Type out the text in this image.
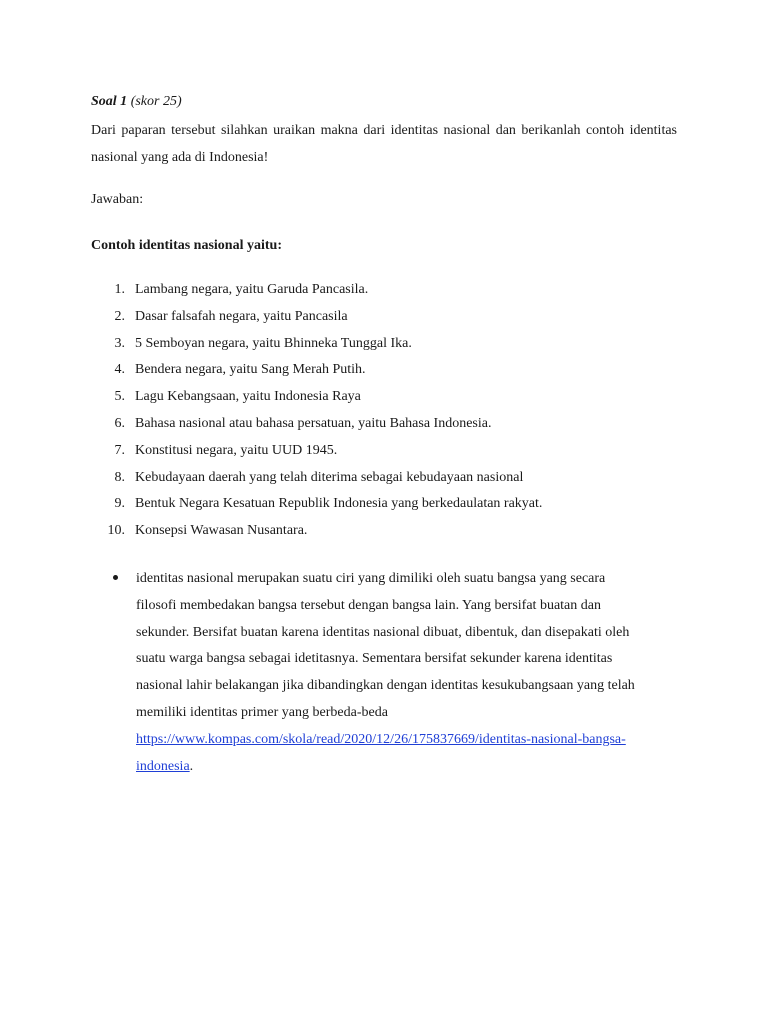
Soal 1 (skor 25)
Dari paparan tersebut silahkan uraikan makna dari identitas nasional dan berikanlah contoh identitas nasional yang ada di Indonesia!
Jawaban:
Contoh identitas nasional yaitu:
1. Lambang negara, yaitu Garuda Pancasila.
2. Dasar falsafah negara, yaitu Pancasila
3. 5 Semboyan negara, yaitu Bhinneka Tunggal Ika.
4. Bendera negara, yaitu Sang Merah Putih.
5. Lagu Kebangsaan, yaitu Indonesia Raya
6. Bahasa nasional atau bahasa persatuan, yaitu Bahasa Indonesia.
7. Konstitusi negara, yaitu UUD 1945.
8. Kebudayaan daerah yang telah diterima sebagai kebudayaan nasional
9. Bentuk Negara Kesatuan Republik Indonesia yang berkedaulatan rakyat.
10. Konsepsi Wawasan Nusantara.
identitas nasional merupakan suatu ciri yang dimiliki oleh suatu bangsa yang secara
filosofi membedakan bangsa tersebut dengan bangsa lain. Yang bersifat buatan dan
sekunder. Bersifat buatan karena identitas nasional dibuat, dibentuk, dan disepakati oleh
suatu warga bangsa sebagai idetitasnya. Sementara bersifat sekunder karena identitas
nasional lahir belakangan jika dibandingkan dengan identitas kesukubangsaan yang telah
memiliki identitas primer yang berbeda-beda
https://www.kompas.com/skola/read/2020/12/26/175837669/identitas-nasional-bangsa-
indonesia.
